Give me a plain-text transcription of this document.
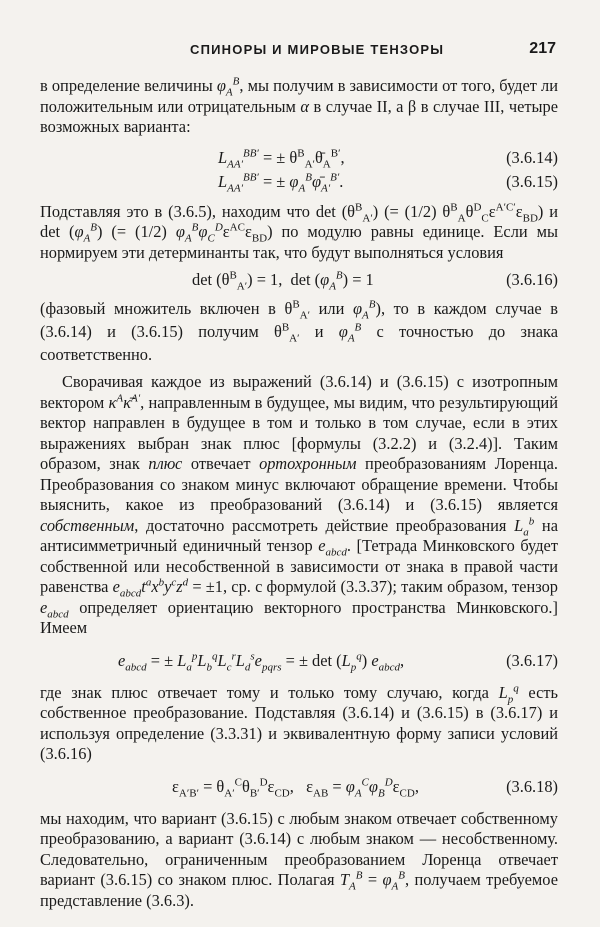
СПИНОРЫ И МИРОВЫЕ ТЕНЗОРЫ	217

в определение величины $\varphi_A^B$, мы получим в зависимости от того, будет ли положительным или отрицательным α в случае II, а β в случае III, четыре возможных варианта:

$L_{AA'}^{BB'}$ = ± $\theta^B_{A'}\thetā_A^{B'}$,	(3.6.14)
$L_{AA'}^{BB'}$ = ± $\varphi_A^B\varphī_{A'}^{B'}$.	(3.6.15)

Подставляя это в (3.6.5), находим что $\det (\theta^B_{A'})$ (= (1/2) $\theta^B_A\theta^D_C\varepsilon^{A'C'}\varepsilon_{BD}$) и $\det (\varphi_A^B)$ (= (1/2) $\varphi_A^B\varphi_C^D\varepsilon^{AC}\varepsilon_{BD}$) по модулю равны единице. Если мы нормируем эти детерминанты так, что будут выполняться условия

$\det (\theta^B_{A'}) = 1$,  $\det (\varphi_A^B) = 1$	(3.6.16)

(фазовый множитель включен в $\theta^B_{A'}$ или $\varphi_A^B$), то в каждом случае в (3.6.14) и (3.6.15) получим $\theta^B_{A'}$ и $\varphi_A^B$ с точностью до знака соответственно.

Сворачивая каждое из выражений (3.6.14) и (3.6.15) с изотропным вектором $\kappa^A\kappā^{A'}$, направленным в будущее, мы видим, что результирующий вектор направлен в будущее в том и только в том случае, если в этих выражениях выбран знак плюс [формулы (3.2.2) и (3.2.4)]. Таким образом, знак плюс отвечает ортохронным преобразованиям Лоренца. Преобразования со знаком минус включают обращение времени. Чтобы выяснить, какое из преобразований (3.6.14) и (3.6.15) является собственным, достаточно рассмотреть действие преобразования $L_a^b$ на антисимметричный единичный тензор $e_{abcd}$. [Тетрада Минковского будет собственной или несобственной в зависимости от знака в правой части равенства $e_{abcd}t^ax^by^cz^d = \pm 1$, ср. с формулой (3.3.37); таким образом, тензор $e_{abcd}$ определяет ориентацию векторного пространства Минковского.] Имеем

$e_{abcd}$ = ± $L_a^pL_b^qL_c^rL_d^se_{pqrs}$ = ± $\det (L_p^q)$ $e_{abcd}$,	(3.6.17)

где знак плюс отвечает тому и только тому случаю, когда $L_p^q$ есть собственное преобразование. Подставляя (3.6.14) и (3.6.15) в (3.6.17) и используя определение (3.3.31) и эквивалентную форму записи условий (3.6.16)

$\varepsilon_{A'B'} = \theta_{A'}^C\theta_{B'}^D\varepsilon_{CD}$,   $\varepsilon_{AB} = \varphi_A^C\varphi_B^D\varepsilon_{CD}$,	(3.6.18)

мы находим, что вариант (3.6.15) с любым знаком отвечает собственному преобразованию, а вариант (3.6.14) с любым знаком — несобственному. Следовательно, ограниченным преобразованием Лоренца отвечает вариант (3.6.15) со знаком плюс. Полагая $T_A^B = \varphi_A^B$, получаем требуемое представление (3.6.3).
